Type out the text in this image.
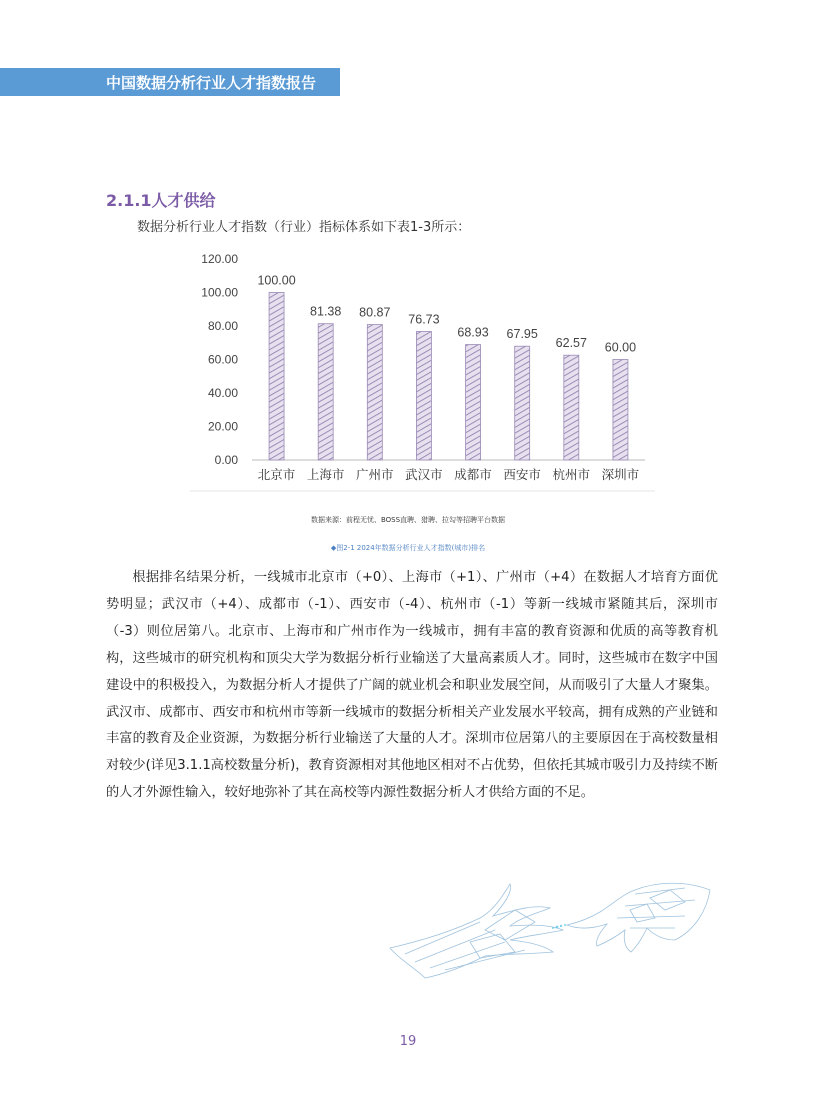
中国数据分析行业人才指数报告
2.1.1人才供给
数据分析行业人才指数（行业）指标体系如下表1-3所示：
0.00
20.00
40.00
60.00
80.00
100.00
120.00
100.00
北京市
81.38
上海市
80.87
广州市
76.73
武汉市
68.93
成都市
67.95
西安市
62.57
杭州市
60.00
深圳市
数据来源：前程无忧、BOSS直聘、猎聘、拉勾等招聘平台数据
◆图2-1 2024年数据分析行业人才指数(城市)排名
根据排名结果分析，一线城市北京市（+0）、上海市（+1）、广州市（+4）在数据人才培育方面优势明显；武汉市（+4）、成都市（-1）、西安市（-4）、杭州市（-1）等新一线城市紧随其后，深圳市（-3）则位居第八。北京市、上海市和广州市作为一线城市，拥有丰富的教育资源和优质的高等教育机构，这些城市的研究机构和顶尖大学为数据分析行业输送了大量高素质人才。同时，这些城市在数字中国建设中的积极投入，为数据分析人才提供了广阔的就业机会和职业发展空间，从而吸引了大量人才聚集。武汉市、成都市、西安市和杭州市等新一线城市的数据分析相关产业发展水平较高，拥有成熟的产业链和丰富的教育及企业资源，为数据分析行业输送了大量的人才。深圳市位居第八的主要原因在于高校数量相对较少(详见3.1.1高校数量分析)，教育资源相对其他地区相对不占优势，但依托其城市吸引力及持续不断的人才外源性输入，较好地弥补了其在高校等内源性数据分析人才供给方面的不足。
19
